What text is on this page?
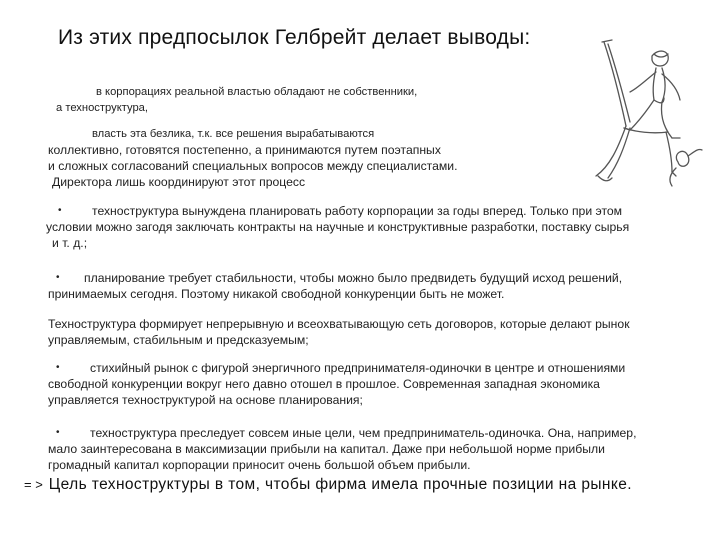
Из этих предпосылок Гелбрейт делает выводы:
в корпорациях реальной властью обладают не собственники,
а техноструктура,
власть эта безлика, т.к. все решения вырабатываются
коллективно, готовятся постепенно, а принимаются путем поэтапных
и сложных согласований специальных вопросов между специалистами.
Директора лишь координируют этот процесс
• техноструктура вынуждена планировать работу корпорации за годы вперед. Только при этом
условии можно загодя заключать контракты на научные и конструктивные разработки, поставку сырья
и т. д.;
• планирование требует стабильности, чтобы можно было предвидеть будущий исход решений,
принимаемых сегодня. Поэтому никакой свободной конкуренции быть не может.
Техноструктура формирует непрерывную и всеохватывающую сеть договоров, которые делают рынок
управляемым, стабильным и предсказуемым;
• стихийный рынок с фигурой энергичного предпринимателя-одиночки в центре и отношениями
свободной конкуренции вокруг него давно отошел в прошлое. Современная западная экономика
управляется техноструктурой на основе планирования;
• техноструктура преследует совсем иные цели, чем предприниматель-одиночка. Она, например,
мало заинтересована в максимизации прибыли на капитал. Даже при небольшой норме прибыли
громадный капитал корпорации приносит очень большой объем прибыли.
= > Цель техноструктуры в том, чтобы фирма имела прочные позиции на рынке.
